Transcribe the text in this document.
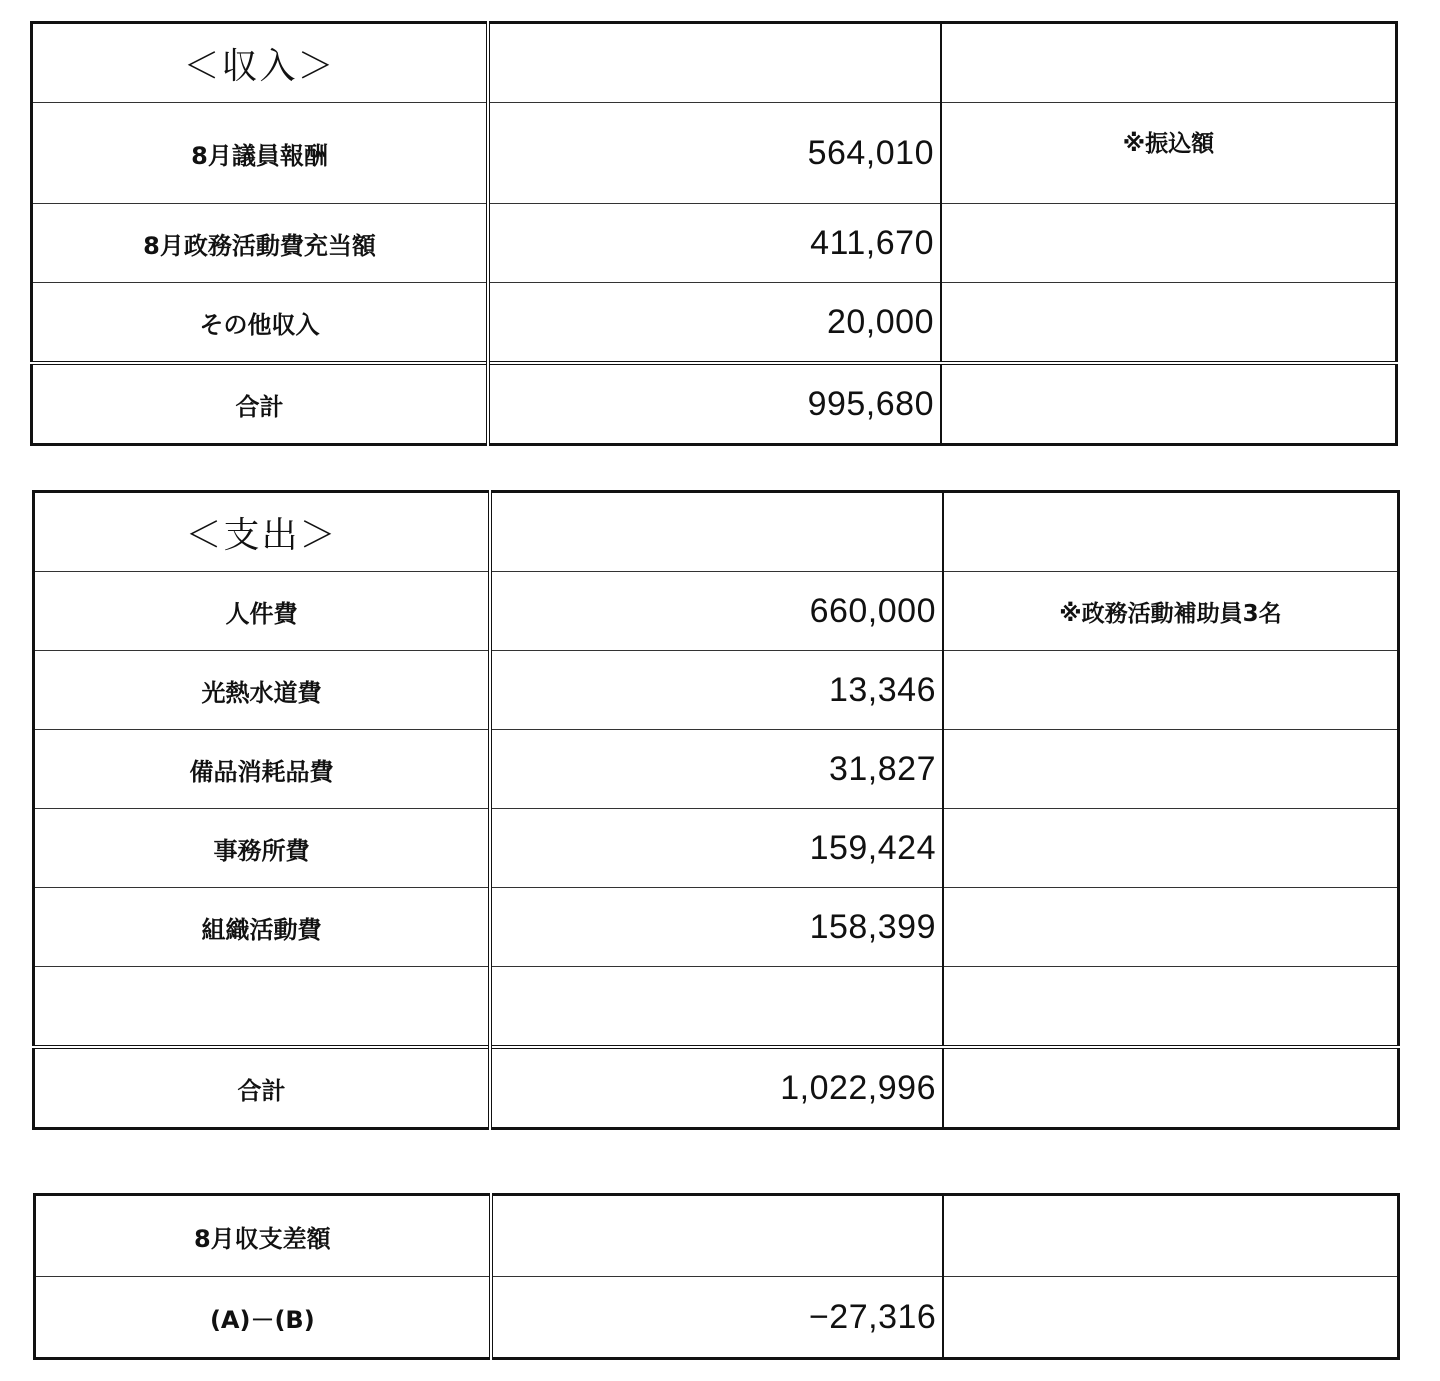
＜収入＞		
8月議員報酬	564,010	※振込額
8月政務活動費充当額	411,670	
その他収入	20,000	
合計	995,680	
＜支出＞		
人件費	660,000	※政務活動補助員3名
光熱水道費	13,346	
備品消耗品費	31,827	
事務所費	159,424	
組織活動費	158,399	

合計	1,022,996	
8月収支差額		
(A)－(B)	−27,316	
